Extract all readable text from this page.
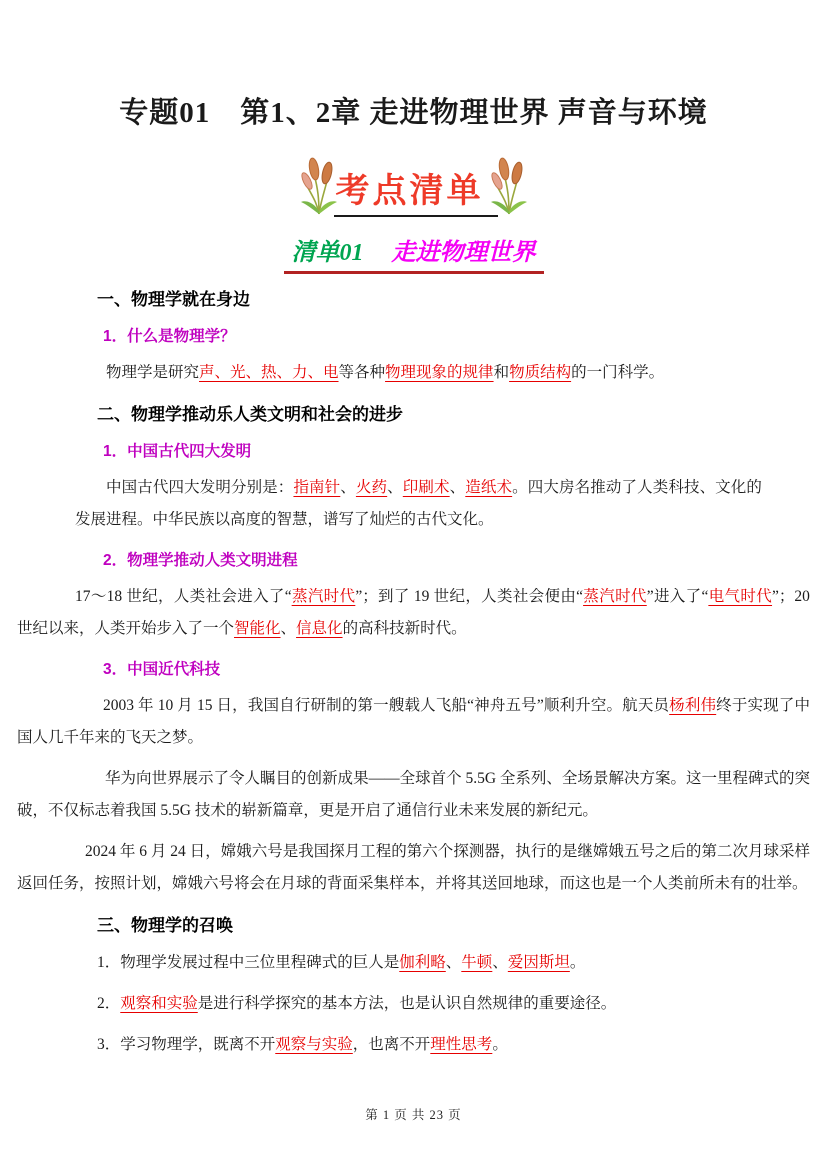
专题01　第1、2章 走进物理世界 声音与环境
考点清单
清单01 走进物理世界
一、物理学就在身边
1．什么是物理学？

物理学是研究声、光、热、力、电等各种物理现象的规律和物质结构的一门科学。

二、物理学推动乐人类文明和社会的进步
1．中国古代四大发明

中国古代四大发明分别是：指南针、火药、印刷术、造纸术。四大房名推动了人类科技、文化的发展进程。中华民族以高度的智慧，谱写了灿烂的古代文化。

2．物理学推动人类文明进程

17～18 世纪，人类社会进入了“蒸汽时代”；到了 19 世纪，人类社会便由“蒸汽时代”进入了“电气时代”；20 世纪以来，人类开始步入了一个智能化、信息化的高科技新时代。

3．中国近代科技

2003 年 10 月 15 日，我国自行研制的第一艘载人飞船“神舟五号”顺利升空。航天员杨利伟终于实现了中国人几千年来的飞天之梦。

华为向世界展示了令人瞩目的创新成果——全球首个 5.5G 全系列、全场景解决方案。这一里程碑式的突破，不仅标志着我国 5.5G 技术的崭新篇章，更是开启了通信行业未来发展的新纪元。

2024 年 6 月 24 日，嫦娥六号是我国探月工程的第六个探测器，执行的是继嫦娥五号之后的第二次月球采样返回任务，按照计划，嫦娥六号将会在月球的背面采集样本，并将其送回地球，而这也是一个人类前所未有的壮举。

三、物理学的召唤

1．物理学发展过程中三位里程碑式的巨人是伽利略、牛顿、爱因斯坦。

2．观察和实验是进行科学探究的基本方法，也是认识自然规律的重要途径。

3．学习物理学，既离不开观察与实验，也离不开理性思考。

第 1 页 共 23 页
